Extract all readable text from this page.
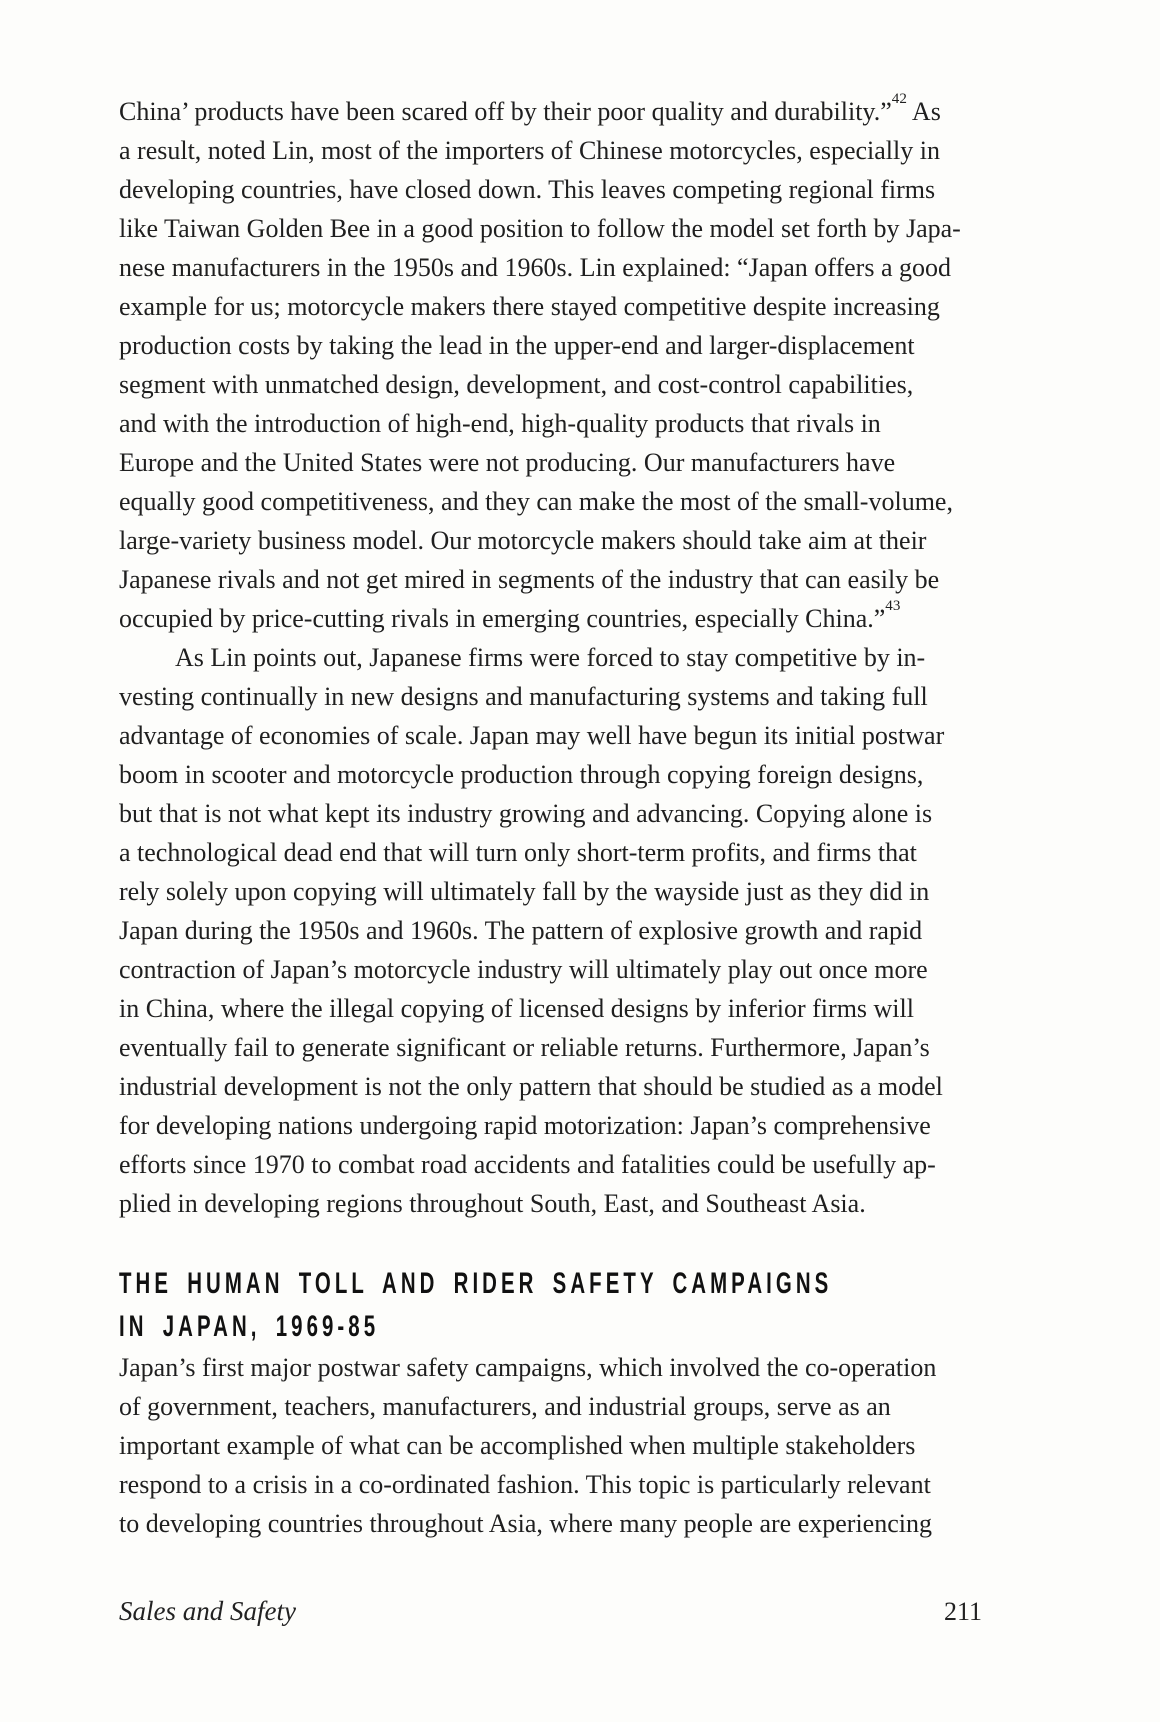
China’ products have been scared off by their poor quality and durability.”$^{42}$ As
a result, noted Lin, most of the importers of Chinese motorcycles, especially in
developing countries, have closed down. This leaves competing regional firms
like Taiwan Golden Bee in a good position to follow the model set forth by Japa-
nese manufacturers in the 1950s and 1960s. Lin explained: “Japan offers a good
example for us; motorcycle makers there stayed competitive despite increasing
production costs by taking the lead in the upper-end and larger-displacement
segment with unmatched design, development, and cost-control capabilities,
and with the introduction of high-end, high-quality products that rivals in
Europe and the United States were not producing. Our manufacturers have
equally good competitiveness, and they can make the most of the small-volume,
large-variety business model. Our motorcycle makers should take aim at their
Japanese rivals and not get mired in segments of the industry that can easily be
occupied by price-cutting rivals in emerging countries, especially China.”$^{43}$
As Lin points out, Japanese firms were forced to stay competitive by in-
vesting continually in new designs and manufacturing systems and taking full
advantage of economies of scale. Japan may well have begun its initial postwar
boom in scooter and motorcycle production through copying foreign designs,
but that is not what kept its industry growing and advancing. Copying alone is
a technological dead end that will turn only short-term profits, and firms that
rely solely upon copying will ultimately fall by the wayside just as they did in
Japan during the 1950s and 1960s. The pattern of explosive growth and rapid
contraction of Japan’s motorcycle industry will ultimately play out once more
in China, where the illegal copying of licensed designs by inferior firms will
eventually fail to generate significant or reliable returns. Furthermore, Japan’s
industrial development is not the only pattern that should be studied as a model
for developing nations undergoing rapid motorization: Japan’s comprehensive
efforts since 1970 to combat road accidents and fatalities could be usefully ap-
plied in developing regions throughout South, East, and Southeast Asia.
THE HUMAN TOLL AND RIDER SAFETY CAMPAIGNS
IN JAPAN, 1969-85
Japan’s first major postwar safety campaigns, which involved the co-operation
of government, teachers, manufacturers, and industrial groups, serve as an
important example of what can be accomplished when multiple stakeholders
respond to a crisis in a co-ordinated fashion. This topic is particularly relevant
to developing countries throughout Asia, where many people are experiencing
Sales and Safety	211
